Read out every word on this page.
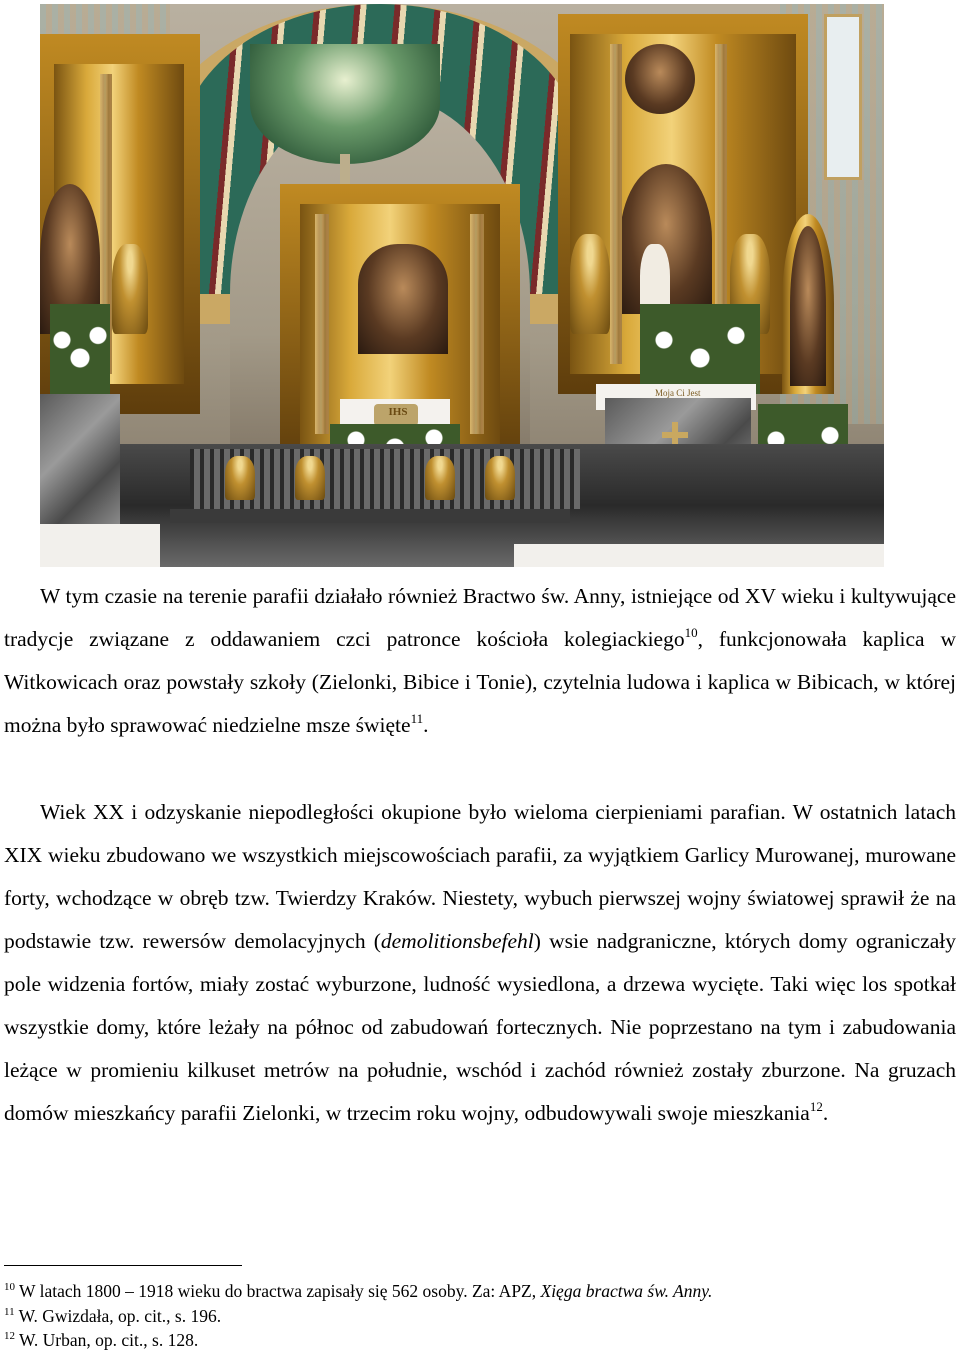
Moja Ci Jest
IHS

W tym czasie na terenie parafii działało również Bractwo św. Anny, istniejące od XV wieku i kultywujące tradycje związane z oddawaniem czci patronce kościoła kolegiackiego$^{10}$, funkcjonowała kaplica w Witkowicach oraz powstały szkoły (Zielonki, Bibice i Tonie), czytelnia ludowa i kaplica w Bibicach, w której można było sprawować niedzielne msze święte$^{11}$.

Wiek XX i odzyskanie niepodległości okupione było wieloma cierpieniami parafian. W ostatnich latach XIX wieku zbudowano we wszystkich miejscowościach parafii, za wyjątkiem Garlicy Murowanej, murowane forty, wchodzące w obręb tzw. Twierdzy Kraków. Niestety, wybuch pierwszej wojny światowej sprawił że na podstawie tzw. rewersów demolacyjnych (demolitionsbefehl) wsie nadgraniczne, których domy ograniczały pole widzenia fortów, miały zostać wyburzone, ludność wysiedlona, a drzewa wycięte. Taki więc los spotkał wszystkie domy, które leżały na północ od zabudowań fortecznych. Nie poprzestano na tym i zabudowania leżące w promieniu kilkuset metrów na południe, wschód i zachód również zostały zburzone. Na gruzach domów mieszkańcy parafii Zielonki, w trzecim roku wojny, odbudowywali swoje mieszkania$^{12}$.

$^{10}$ W latach 1800 – 1918 wieku do bractwa zapisały się 562 osoby. Za: APZ, Xięga bractwa św. Anny.

$^{11}$ W. Gwizdała, op. cit., s. 196.

$^{12}$ W. Urban, op. cit., s. 128.
